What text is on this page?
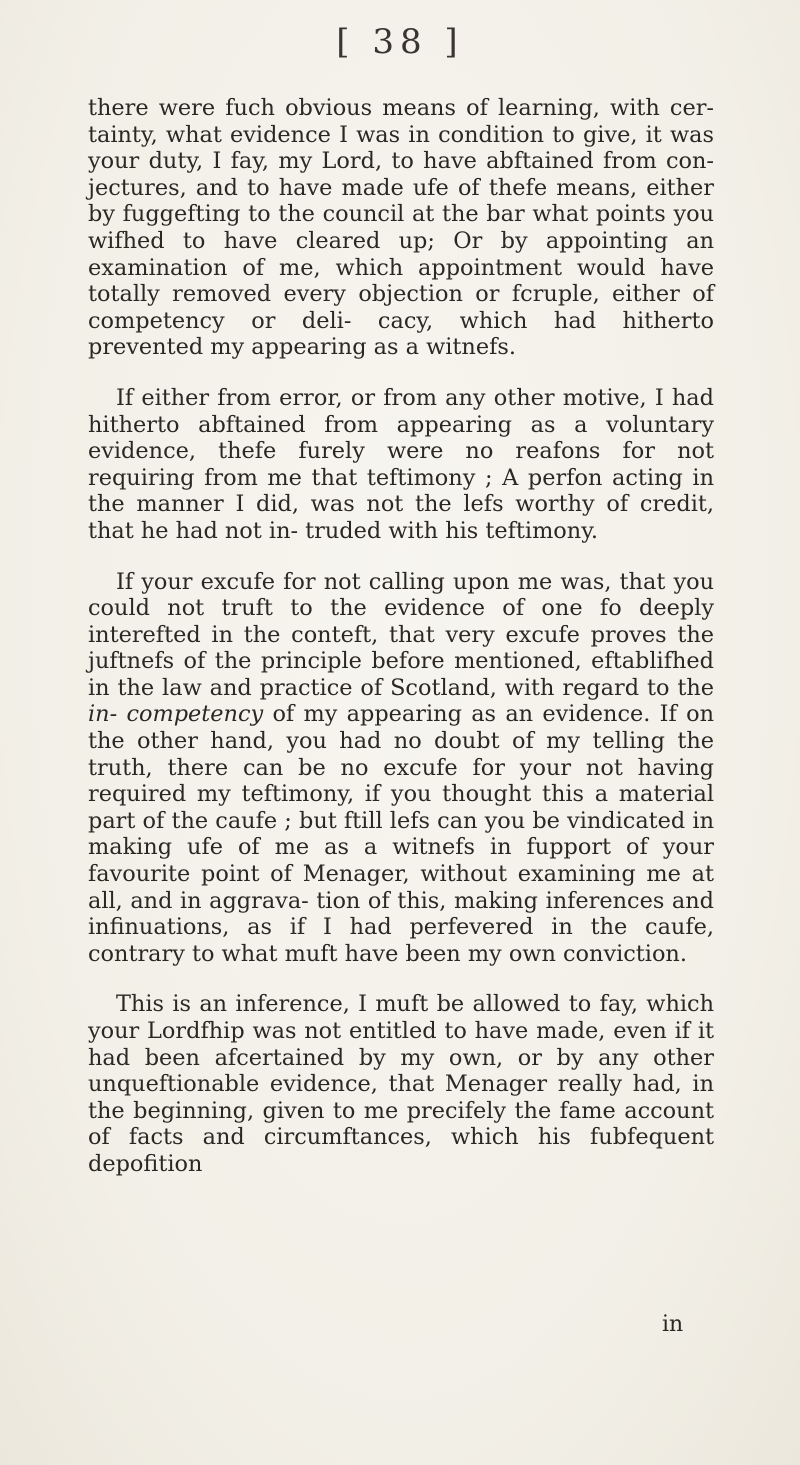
[ 38 ]

there were fuch obvious means of learning, with cer- tainty, what evidence I was in condition to give, it was your duty, I fay, my Lord, to have abftained from con- jectures, and to have made ufe of thefe means, either by fuggefting to the council at the bar what points you wifhed to have cleared up; Or by appointing an examination of me, which appointment would have totally removed every objection or fcruple, either of competency or deli- cacy, which had hitherto prevented my appearing as a witnefs.

If either from error, or from any other motive, I had hitherto abftained from appearing as a voluntary evidence, thefe furely were no reafons for not requiring from me that teftimony ; A perfon acting in the manner I did, was not the lefs worthy of credit, that he had not in- truded with his teftimony.

If your excufe for not calling upon me was, that you could not truft to the evidence of one fo deeply interefted in the conteft, that very excufe proves the juftnefs of the principle before mentioned, eftablifhed in the law and practice of Scotland, with regard to the in- competency of my appearing as an evidence. If on the other hand, you had no doubt of my telling the truth, there can be no excufe for your not having required my teftimony, if you thought this a material part of the caufe ; but ftill lefs can you be vindicated in making ufe of me as a witnefs in fupport of your favourite point of Menager, without examining me at all, and in aggrava- tion of this, making inferences and infinuations, as if I had perfevered in the caufe, contrary to what muft have been my own conviction.

This is an inference, I muft be allowed to fay, which your Lordfhip was not entitled to have made, even if it had been afcertained by my own, or by any other unqueftionable evidence, that Menager really had, in the beginning, given to me precifely the fame account of facts and circumftances, which his fubfequent depofition

in
